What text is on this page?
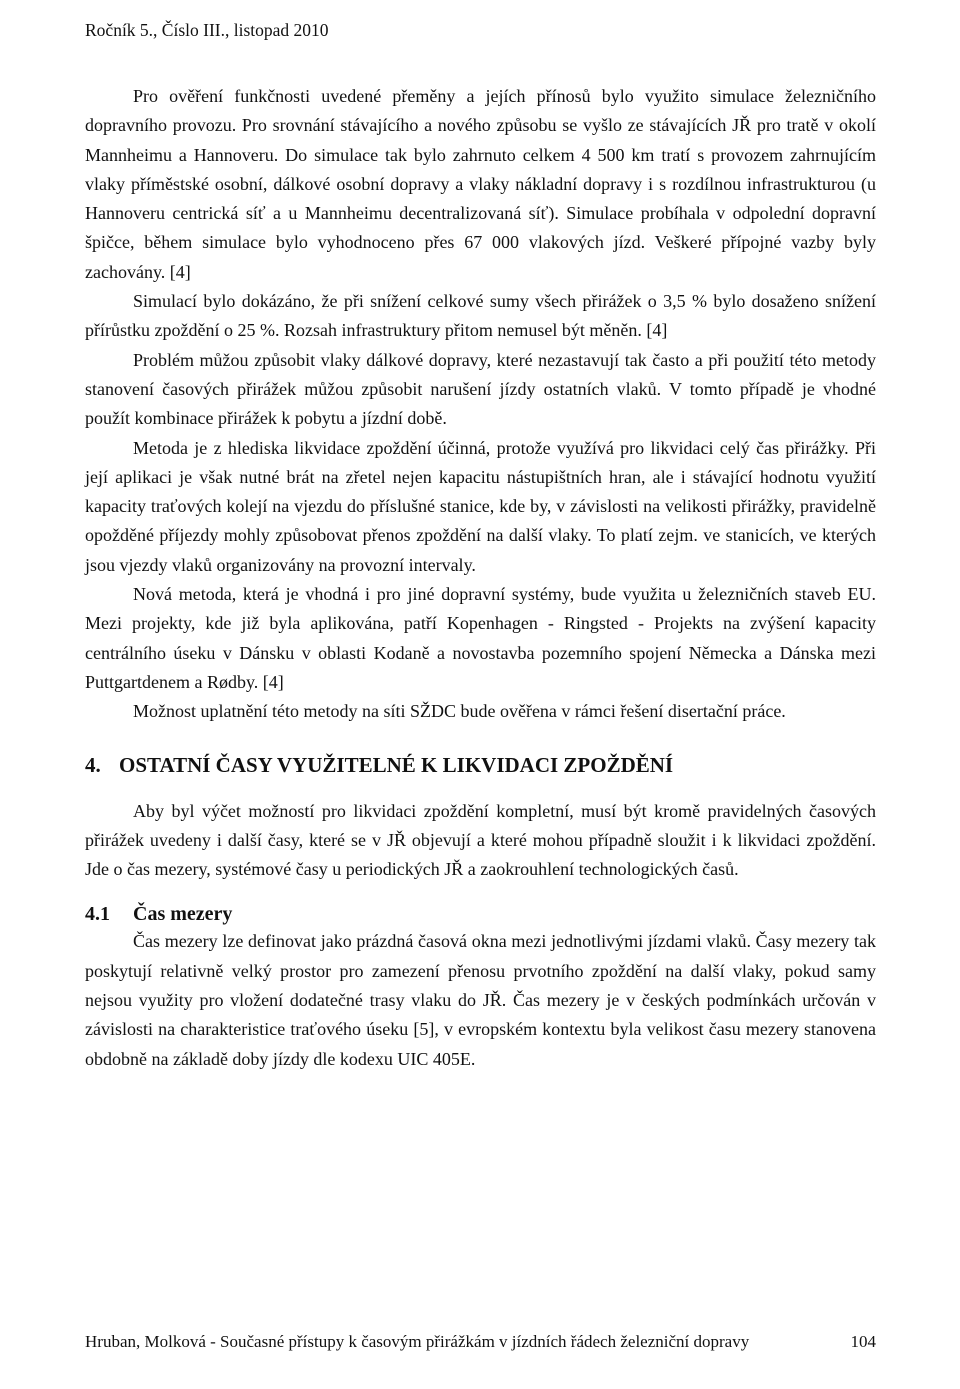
Ročník 5., Číslo III., listopad 2010

Pro ověření funkčnosti uvedené přeměny a jejích přínosů bylo využito simulace železničního dopravního provozu. Pro srovnání stávajícího a nového způsobu se vyšlo ze stávajících JŘ pro tratě v okolí Mannheimu a Hannoveru. Do simulace tak bylo zahrnuto celkem 4 500 km tratí s provozem zahrnujícím vlaky příměstské osobní, dálkové osobní dopravy a vlaky nákladní dopravy i s rozdílnou infrastrukturou (u Hannoveru centrická síť a u Mannheimu decentralizovaná síť). Simulace probíhala v odpolední dopravní špičce, během simulace bylo vyhodnoceno přes 67 000 vlakových jízd. Veškeré přípojné vazby byly zachovány. [4]

Simulací bylo dokázáno, že při snížení celkové sumy všech přirážek o 3,5 % bylo dosaženo snížení přírůstku zpoždění o 25 %. Rozsah infrastruktury přitom nemusel být měněn. [4]

Problém můžou způsobit vlaky dálkové dopravy, které nezastavují tak často a při použití této metody stanovení časových přirážek můžou způsobit narušení jízdy ostatních vlaků. V tomto případě je vhodné použít kombinace přirážek k pobytu a jízdní době.

Metoda je z hlediska likvidace zpoždění účinná, protože využívá pro likvidaci celý čas přirážky. Při její aplikaci je však nutné brát na zřetel nejen kapacitu nástupištních hran, ale i stávající hodnotu využití kapacity traťových kolejí na vjezdu do příslušné stanice, kde by, v závislosti na velikosti přirážky, pravidelně opožděné příjezdy mohly způsobovat přenos zpoždění na další vlaky. To platí zejm. ve stanicích, ve kterých jsou vjezdy vlaků organizovány na provozní intervaly.

Nová metoda, která je vhodná i pro jiné dopravní systémy, bude využita u železničních staveb EU. Mezi projekty, kde již byla aplikována, patří Kopenhagen - Ringsted - Projekts na zvýšení kapacity centrálního úseku v Dánsku v oblasti Kodaně a novostavba pozemního spojení Německa a Dánska mezi Puttgartdenem a Rødby. [4]

Možnost uplatnění této metody na síti SŽDC bude ověřena v rámci řešení disertační práce.

4. OSTATNÍ ČASY VYUŽITELNÉ K LIKVIDACI ZPOŽDĚNÍ

Aby byl výčet možností pro likvidaci zpoždění kompletní, musí být kromě pravidelných časových přirážek uvedeny i další časy, které se v JŘ objevují a které mohou případně sloužit i k likvidaci zpoždění. Jde o čas mezery, systémové časy u periodických JŘ a zaokrouhlení technologických časů.

4.1 Čas mezery

Čas mezery lze definovat jako prázdná časová okna mezi jednotlivými jízdami vlaků. Časy mezery tak poskytují relativně velký prostor pro zamezení přenosu prvotního zpoždění na další vlaky, pokud samy nejsou využity pro vložení dodatečné trasy vlaku do JŘ. Čas mezery je v českých podmínkách určován v závislosti na charakteristice traťového úseku [5], v evropském kontextu byla velikost času mezery stanovena obdobně na základě doby jízdy dle kodexu UIC 405E.

Hruban, Molková - Současné přístupy k časovým přirážkám v jízdních řádech železniční dopravy	104
